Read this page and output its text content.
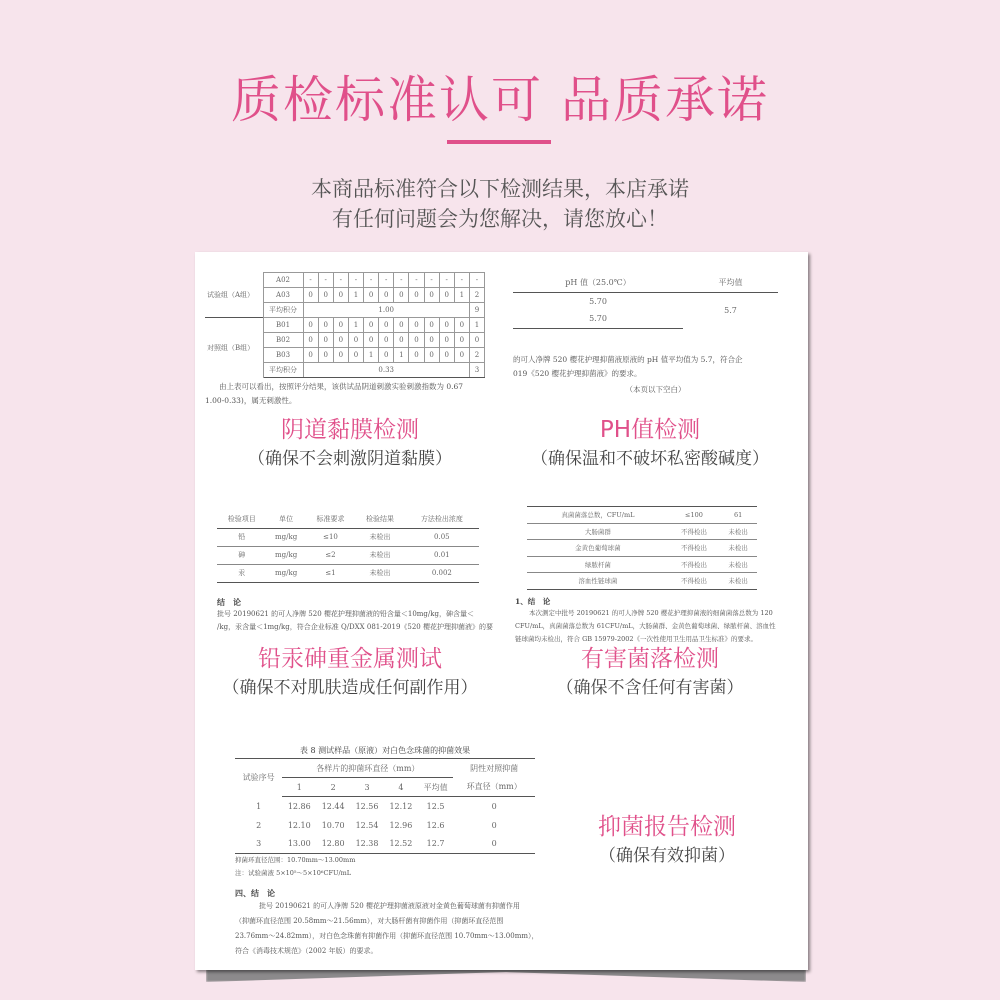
质检标准认可 品质承诺
本商品标准符合以下检测结果，本店承诺
有任何问题会为您解决，请您放心！
试验组（A组）	A02	-	-	-	-	-	-	-	-	-	-	-	-
	A03	0	0	0	1	0	0	0	0	0	0	1	2
	平均积分	1.00											9
对照组（B组）	B01	0	0	0	1	0	0	0	0	0	0	0	1
	B02	0	0	0	0	0	0	0	0	0	0	0	0
	B03	0	0	0	0	1	0	1	0	0	0	0	2
	平均积分	0.33											3

由上表可以看出，按照评分结果，该供试品阴道刺激实验刺激指数为 0.67
1.00-0.33)，属无刺激性。

pH 值（25.0℃）	平均值
5.70	5.7
5.70	

的可人净牌 520 樱花护理抑菌液原液的 pH 值平均值为 5.7，符合企
019《520 樱花护理抑菌液》的要求。

（本页以下空白）

阴道黏膜检测
（确保不会刺激阴道黏膜）
PH值检测
（确保温和不破坏私密酸碱度）
检验项目	单位	标准要求	检验结果	方法检出浓度
铅	mg/kg	≤10	未检出	0.05
砷	mg/kg	≤2	未检出	0.01
汞	mg/kg	≤1	未检出	0.002
结　论

批号 20190621 的可人净牌 520 樱花护理抑菌液的铅含量＜10mg/kg，砷含量＜
/kg，汞含量＜1mg/kg，符合企业标准 Q/DXX 081-2019《520 樱花护理抑菌液》的要

真菌菌落总数，CFU/mL	≤100	61
大肠菌群	不得检出	未检出
金黄色葡萄球菌	不得检出	未检出
绿脓杆菌	不得检出	未检出
溶血性链球菌	不得检出	未检出
1、结　论

本次测定中批号 20190621 的可人净牌 520 樱花护理抑菌液的细菌菌落总数为 120
CFU/mL，真菌菌落总数为 61CFU/mL，大肠菌群、金黄色葡萄球菌、绿脓杆菌、溶血性
链球菌均未检出，符合 GB 15979-2002《一次性使用卫生用品卫生标准》的要求。

铅汞砷重金属测试
（确保不对肌肤造成任何副作用）
有害菌落检测
（确保不含任何有害菌）
表 8 测试样品（原液）对白色念珠菌的抑菌效果
试验序号	各样片的抑菌环直径（mm）					阴性对照抑菌
	1	2	3	4	平均值	环直径（mm）
1	12.86	12.44	12.56	12.12	12.5	0
2	12.10	10.70	12.54	12.96	12.6	0
3	13.00	12.80	12.38	12.52	12.7	0
抑菌环直径范围：10.70mm～13.00mm
注：试验菌液 5×10⁵～5×10⁶CFU/mL
四、结　论

批号 20190621 的可人净牌 520 樱花护理抑菌液原液对金黄色葡萄球菌有抑菌作用
（抑菌环直径范围 20.58mm～21.56mm），对大肠杆菌有抑菌作用（抑菌环直径范围
23.76mm～24.82mm），对白色念珠菌有抑菌作用（抑菌环直径范围 10.70mm～13.00mm），
符合《消毒技术规范》（2002 年版）的要求。

抑菌报告检测
（确保有效抑菌）
